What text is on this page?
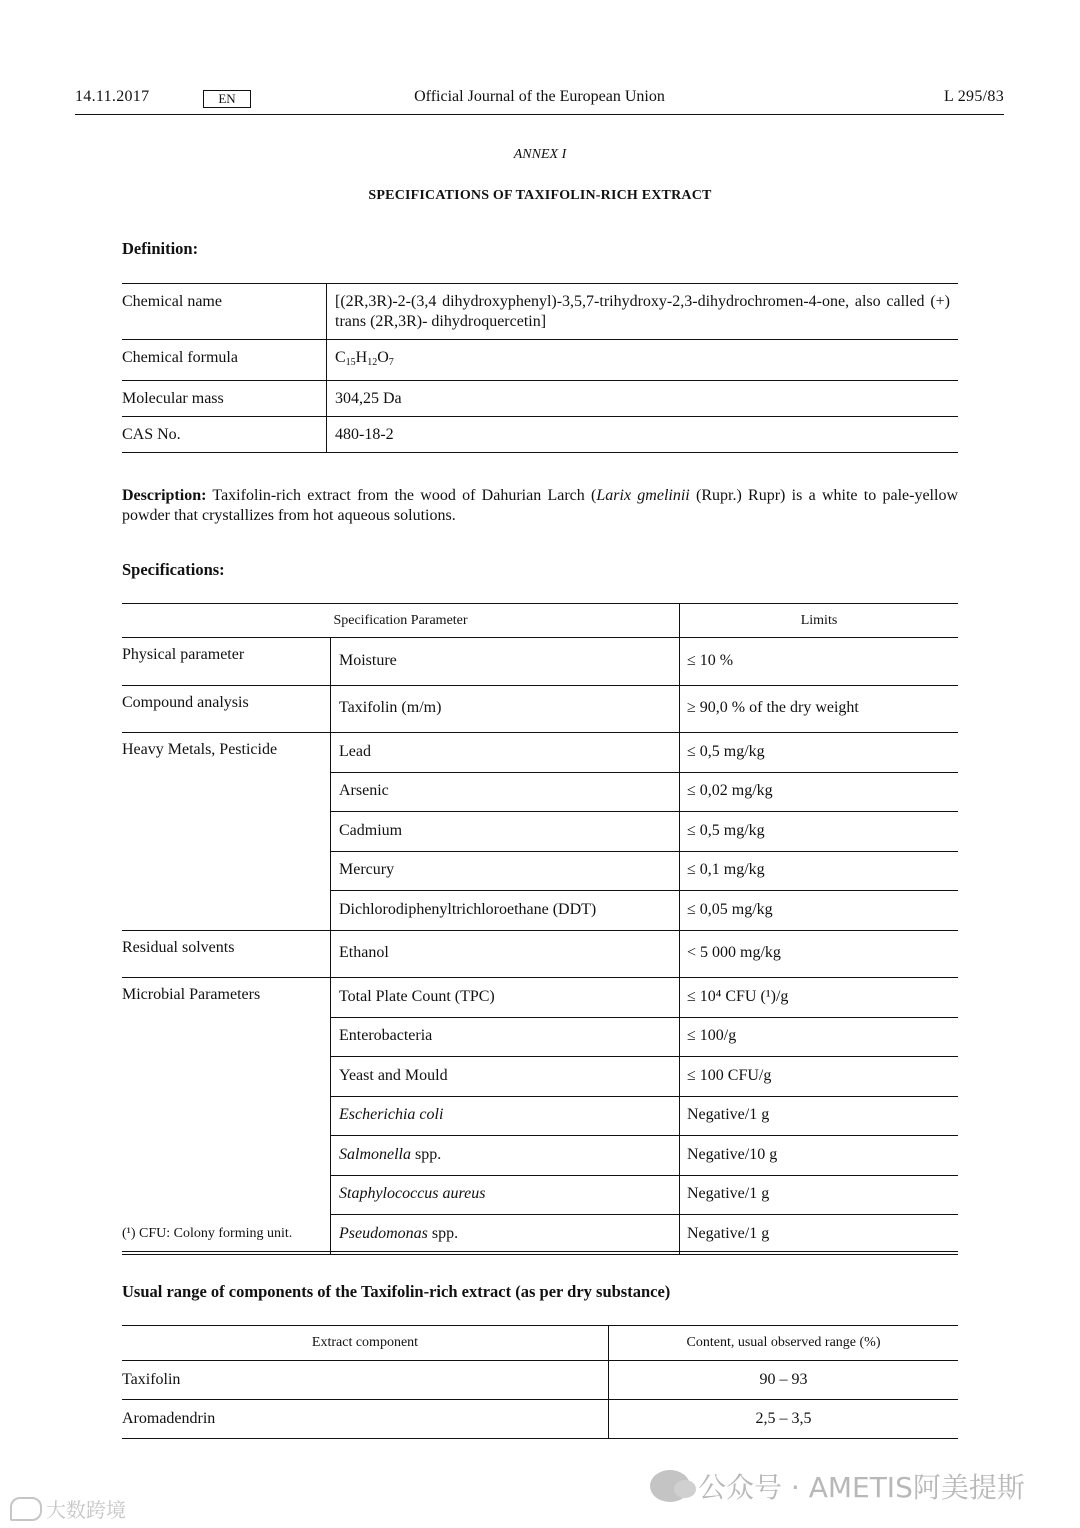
Official Journal of the European Union
14.11.2017	EN	L 295/83
ANNEX I
SPECIFICATIONS OF TAXIFOLIN-RICH EXTRACT
Definition:
Chemical name	[(2R,3R)-2-(3,4 dihydroxyphenyl)-3,5,7-trihydroxy-2,3-dihydrochromen-4-one, also called (+) trans (2R,3R)- dihydroquercetin]
Chemical formula	$C_{15}H_{12}O_7$
Molecular mass	304,25 Da
CAS No.	480-18-2
Description: Taxifolin-rich extract from the wood of Dahurian Larch (Larix gmelinii (Rupr.) Rupr) is a white to pale-yellow powder that crystallizes from hot aqueous solutions.
Specifications:
Specification Parameter		Limits
Physical parameter	Moisture	≤ 10 %
Compound analysis	Taxifolin (m/m)	≥ 90,0 % of the dry weight
Heavy Metals, Pesticide	Lead	≤ 0,5 mg/kg
	Arsenic	≤ 0,02 mg/kg
	Cadmium	≤ 0,5 mg/kg
	Mercury	≤ 0,1 mg/kg
	Dichlorodiphenyltrichloroethane (DDT)	≤ 0,05 mg/kg
Residual solvents	Ethanol	< 5 000 mg/kg
Microbial Parameters	Total Plate Count (TPC)	≤ 10⁴ CFU (¹)/g
	Enterobacteria	≤ 100/g
	Yeast and Mould	≤ 100 CFU/g
	Escherichia coli	Negative/1 g
	Salmonella spp.	Negative/10 g
	Staphylococcus aureus	Negative/1 g
	Pseudomonas spp.	Negative/1 g
(¹) CFU: Colony forming unit.
Usual range of components of the Taxifolin-rich extract (as per dry substance)
Extract component	Content, usual observed range (%)
Taxifolin	90 – 93
Aromadendrin	2,5 – 3,5
公众号 · AMETIS阿美提斯
大数跨境
